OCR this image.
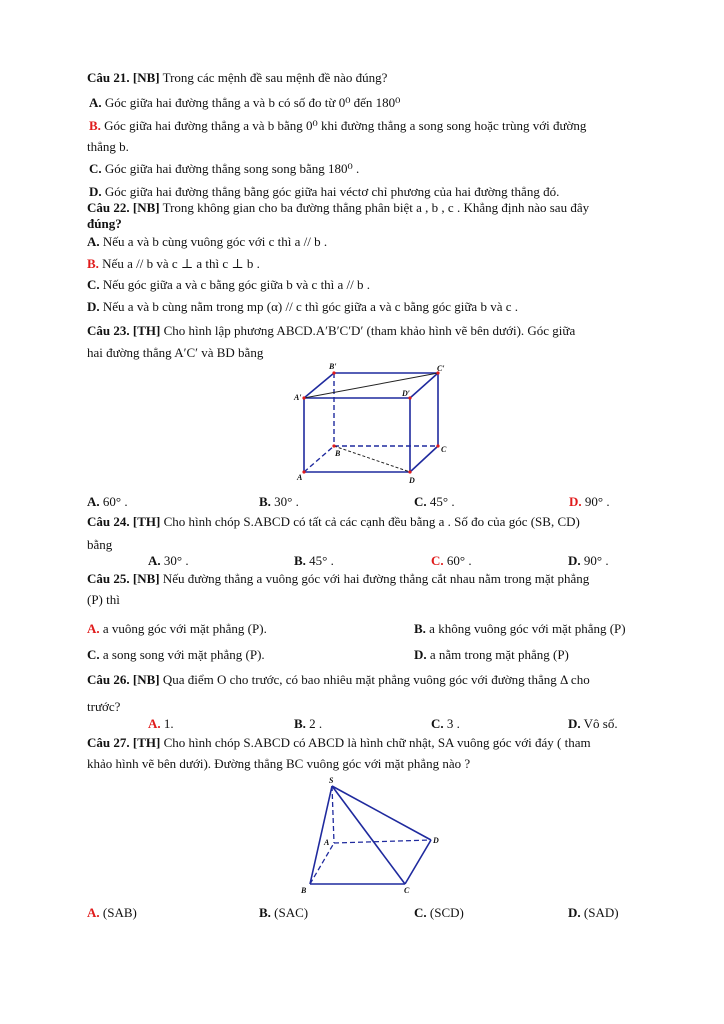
Câu 21. [NB] Trong các mệnh đề sau mệnh đề nào đúng?
A. Góc giữa hai đường thẳng a và b có số đo từ 0⁰ đến 180⁰
B. Góc giữa hai đường thẳng a và b bằng 0⁰ khi đường thẳng a song song hoặc trùng với đường
thẳng b.
C. Góc giữa hai đường thẳng song song bằng 180⁰ .
D. Góc giữa hai đường thẳng bằng góc giữa hai véctơ chỉ phương của hai đường thẳng đó.
Câu 22. [NB] Trong không gian cho ba đường thẳng phân biệt a , b , c . Khẳng định nào sau đây
đúng?
A. Nếu a và b cùng vuông góc với c thì a // b .
B. Nếu a // b và c ⊥ a thì c ⊥ b .
C. Nếu góc giữa a và c bằng góc giữa b và c thì a // b .
D. Nếu a và b cùng nằm trong mp (α) // c thì góc giữa a và c bằng góc giữa b và c .
Câu 23. [TH] Cho hình lập phương ABCD.A′B′C′D′ (tham khảo hình vẽ bên dưới). Góc giữa
hai đường thẳng A′C′ và BD bằng
B′	C′
A′	D′
B	C
A	D
A. 60° .	B. 30° .	C. 45° .	D. 90° .
Câu 24. [TH] Cho hình chóp S.ABCD có tất cả các cạnh đều bằng a . Số đo của góc (SB, CD)
bằng
A. 30° .	B. 45° .	C. 60° .	D. 90° .
Câu 25. [NB] Nếu đường thẳng a vuông góc với hai đường thẳng cắt nhau nằm trong mặt phẳng
(P) thì
A. a vuông góc với mặt phẳng (P).	B. a không vuông góc với mặt phẳng (P)
C. a song song với mặt phẳng (P).	D. a nằm trong mặt phẳng (P)
Câu 26. [NB] Qua điểm O cho trước, có bao nhiêu mặt phẳng vuông góc với đường thẳng Δ cho
trước?
A. 1.	B. 2 .	C. 3 .	D. Vô số.
Câu 27. [TH] Cho hình chóp S.ABCD có ABCD là hình chữ nhật, SA vuông góc với đáy ( tham
khảo hình vẽ bên dưới). Đường thẳng BC vuông góc với mặt phẳng nào ?
S
A
B	C
D
A. (SAB)	B. (SAC)	C. (SCD)	D. (SAD)
